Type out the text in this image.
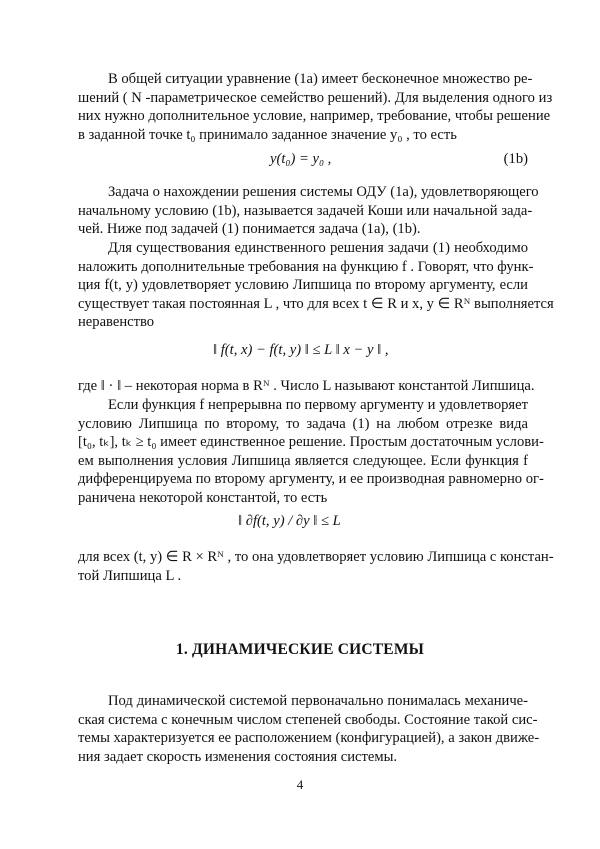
В общей ситуации уравнение (1a) имеет бесконечное множество ре-
шений ( N -параметрическое семейство решений). Для выделения одного из
них нужно дополнительное условие, например, требование, чтобы решение
в заданной точке t₀ принимало заданное значение y₀ , то есть
y(t₀) = y₀ ,	(1b)
Задача о нахождении решения системы ОДУ (1a), удовлетворяющего
начальному условию (1b), называется задачей Коши или начальной зада-
чей. Ниже под задачей (1) понимается задача (1a), (1b).
Для существования единственного решения задачи (1) необходимо
наложить дополнительные требования на функцию f . Говорят, что функ-
ция f(t, y) удовлетворяет условию Липшица по второму аргументу, если
существует такая постоянная L , что для всех t ∈ R и x, y ∈ Rᴺ выполняется
неравенство
‖ f(t, x) − f(t, y) ‖ ≤ L ‖ x − y ‖ ,
где ‖ · ‖ – некоторая норма в Rᴺ . Число L называют константой Липшица.
Если функция f непрерывна по первому аргументу и удовлетворяет
условию Липшица по второму, то задача (1) на любом отрезке вида
[t₀, tₖ], tₖ ≥ t₀ имеет единственное решение. Простым достаточным услови-
ем выполнения условия Липшица является следующее. Если функция f
дифференцируема по второму аргументу, и ее производная равномерно ог-
раничена некоторой константой, то есть
‖ ∂f(t, y) / ∂y ‖ ≤ L
для всех (t, y) ∈ R × Rᴺ , то она удовлетворяет условию Липшица с констан-
той Липшица L .
1. ДИНАМИЧЕСКИЕ СИСТЕМЫ
Под динамической системой первоначально понималась механиче-
ская система с конечным числом степеней свободы. Состояние такой сис-
темы характеризуется ее расположением (конфигурацией), а закон движе-
ния задает скорость изменения состояния системы.
4
